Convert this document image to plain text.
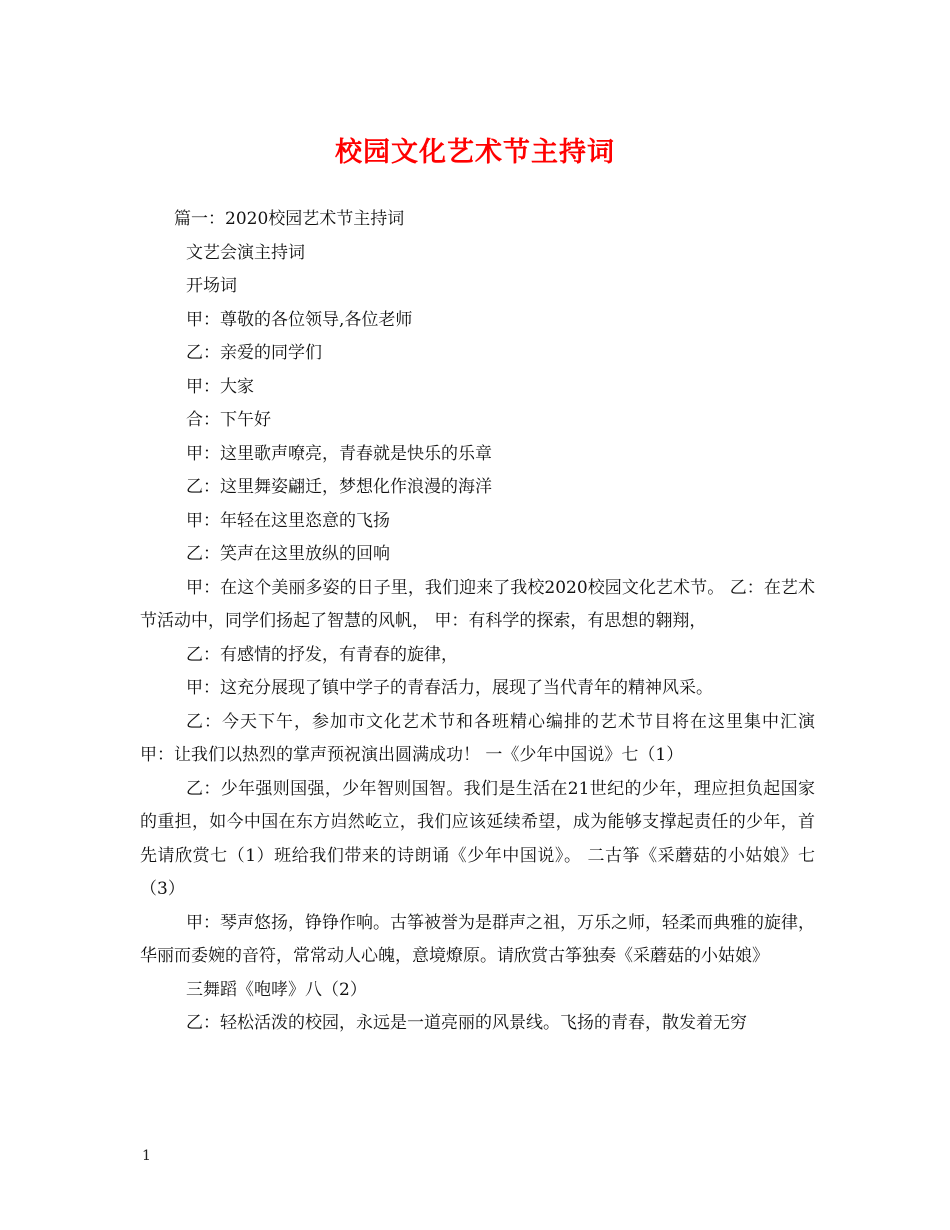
校园文化艺术节主持词

篇一：2020校园艺术节主持词

文艺会演主持词

开场词

甲：尊敬的各位领导,各位老师

乙：亲爱的同学们

甲：大家

合：下午好

甲：这里歌声嘹亮，青春就是快乐的乐章

乙：这里舞姿翩迁，梦想化作浪漫的海洋

甲：年轻在这里恣意的飞扬

乙：笑声在这里放纵的回响

甲：在这个美丽多姿的日子里，我们迎来了我校2020校园文化艺术节。 乙：在艺术节活动中，同学们扬起了智慧的风帆， 甲：有科学的探索，有思想的翱翔，

乙：有感情的抒发，有青春的旋律，

甲：这充分展现了镇中学子的青春活力，展现了当代青年的精神风采。

乙：今天下午，参加市文化艺术节和各班精心编排的艺术节目将在这里集中汇演 甲：让我们以热烈的掌声预祝演出圆满成功！ 一《少年中国说》七（1）

乙：少年强则国强，少年智则国智。我们是生活在21世纪的少年，理应担负起国家的重担，如今中国在东方岿然屹立，我们应该延续希望，成为能够支撑起责任的少年，首先请欣赏七（1）班给我们带来的诗朗诵《少年中国说》。 二古筝《采蘑菇的小姑娘》七（3）

甲：琴声悠扬，铮铮作响。古筝被誉为是群声之祖，万乐之师，轻柔而典雅的旋律，华丽而委婉的音符，常常动人心魄，意境燎原。请欣赏古筝独奏《采蘑菇的小姑娘》

三舞蹈《咆哮》八（2）

乙：轻松活泼的校园，永远是一道亮丽的风景线。飞扬的青春，散发着无穷

1
